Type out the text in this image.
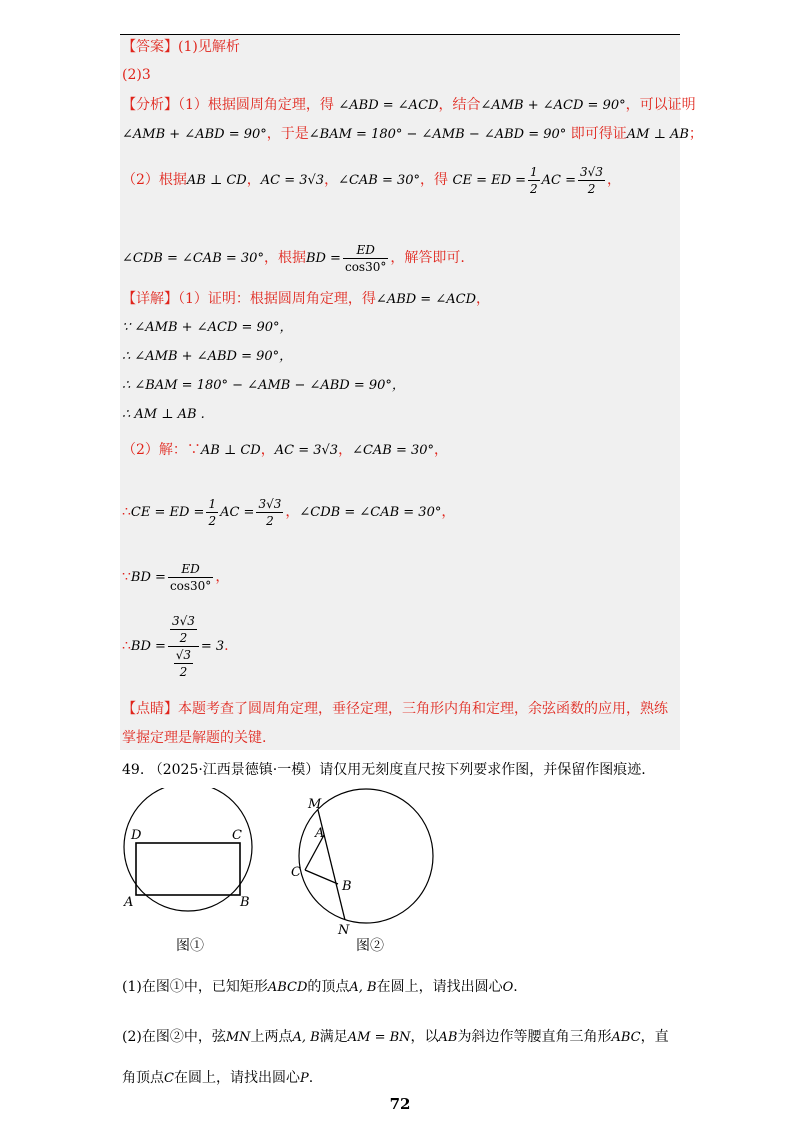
【答案】(1)见解析
(2)3
【分析】（1）根据圆周角定理，得 ∠ABD = ∠ACD，结合∠AMB + ∠ACD = 90°，可以证明
∠AMB + ∠ABD = 90°，于是∠BAM = 180° − ∠AMB − ∠ABD = 90° 即可得证AM ⊥ AB；
（2）根据AB ⊥ CD，AC = 3√3，∠CAB = 30°，得 CE = ED = $\frac{1}{2}$ AC = $\frac{3√3}{2}$ ，
∠CDB = ∠CAB = 30°，根据BD = $\frac{ED}{\cos 30^\circ}$ ，解答即可.
【详解】（1）证明：根据圆周角定理，得∠ABD = ∠ACD，
∵ ∠AMB + ∠ACD = 90°，
∴ ∠AMB + ∠ABD = 90°，
∴ ∠BAM = 180° − ∠AMB − ∠ABD = 90°，
∴ AM ⊥ AB .
（2）解：∵AB ⊥ CD，AC = 3√3，∠CAB = 30°，
∴CE = ED = $\frac{1}{2}$ AC = $\frac{3√3}{2}$ ，∠CDB = ∠CAB = 30°，
∵BD = $\frac{ED}{\cos 30^\circ}$ ，
∴BD = $\frac{\frac{3√3}{2}}{\frac{√3}{2}} = 3$.
【点睛】本题考查了圆周角定理，垂径定理，三角形内角和定理，余弦函数的应用，熟练
掌握定理是解题的关键.
49. （2025·江西景德镇·一模）请仅用无刻度直尺按下列要求作图，并保留作图痕迹.
D	C
A	B
M
A
C
B
N
图①	图②
(1)在图①中，已知矩形ABCD的顶点A, B在圆上，请找出圆心O.
(2)在图②中，弦MN上两点A, B满足AM = BN，以AB为斜边作等腰直角三角形ABC，直
角顶点C在圆上，请找出圆心P.
72
